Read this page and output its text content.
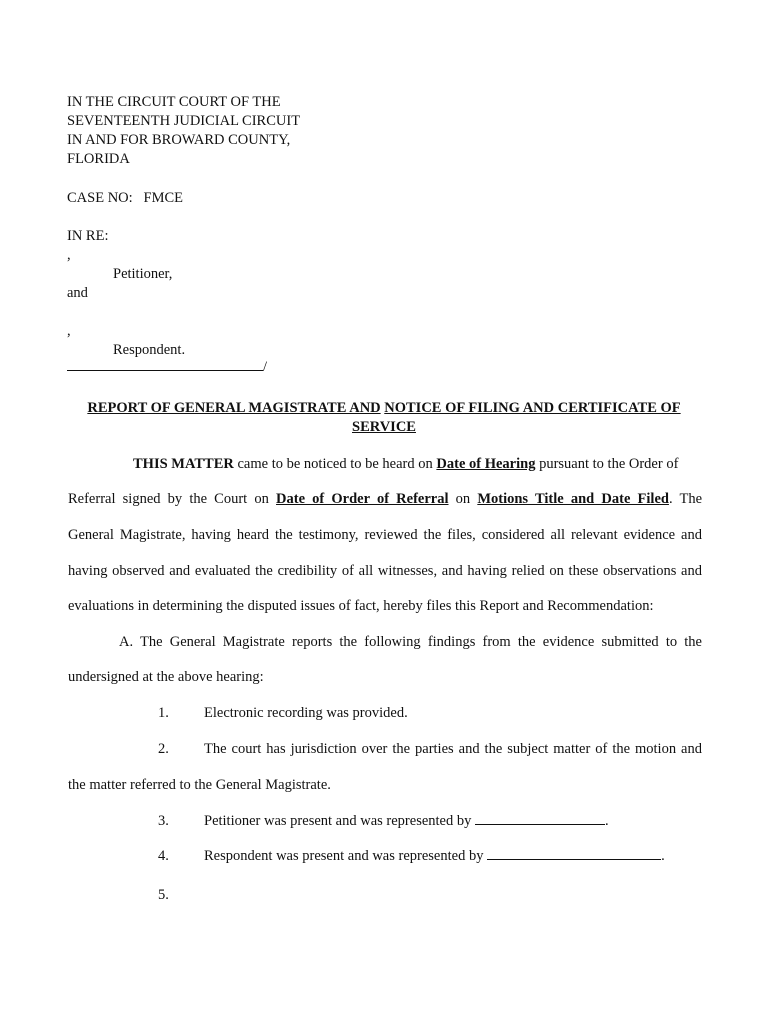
IN THE CIRCUIT COURT OF THE
SEVENTEENTH JUDICIAL CIRCUIT
IN AND FOR BROWARD COUNTY,
FLORIDA
CASE NO:   FMCE
IN RE:
,
Petitioner,
and
,
Respondent.
/
REPORT OF GENERAL MAGISTRATE AND NOTICE OF FILING AND CERTIFICATE OF SERVICE
THIS MATTER came to be noticed to be heard on Date of Hearing pursuant to the Order of
Referral signed by the Court on Date of Order of Referral on Motions Title and Date Filed. The
General Magistrate, having heard the testimony, reviewed the files, considered all relevant evidence and
having observed and evaluated the credibility of all witnesses, and having relied on these observations and
evaluations in determining the disputed issues of fact, hereby files this Report and Recommendation:
A. The General Magistrate reports the following findings from the evidence submitted to the
undersigned at the above hearing:
1. Electronic recording was provided.
2. The court has jurisdiction over the parties and the subject matter of the motion and
the matter referred to the General Magistrate.
3. Petitioner was present and was represented by	.
4. Respondent was present and was represented by	.
5.
